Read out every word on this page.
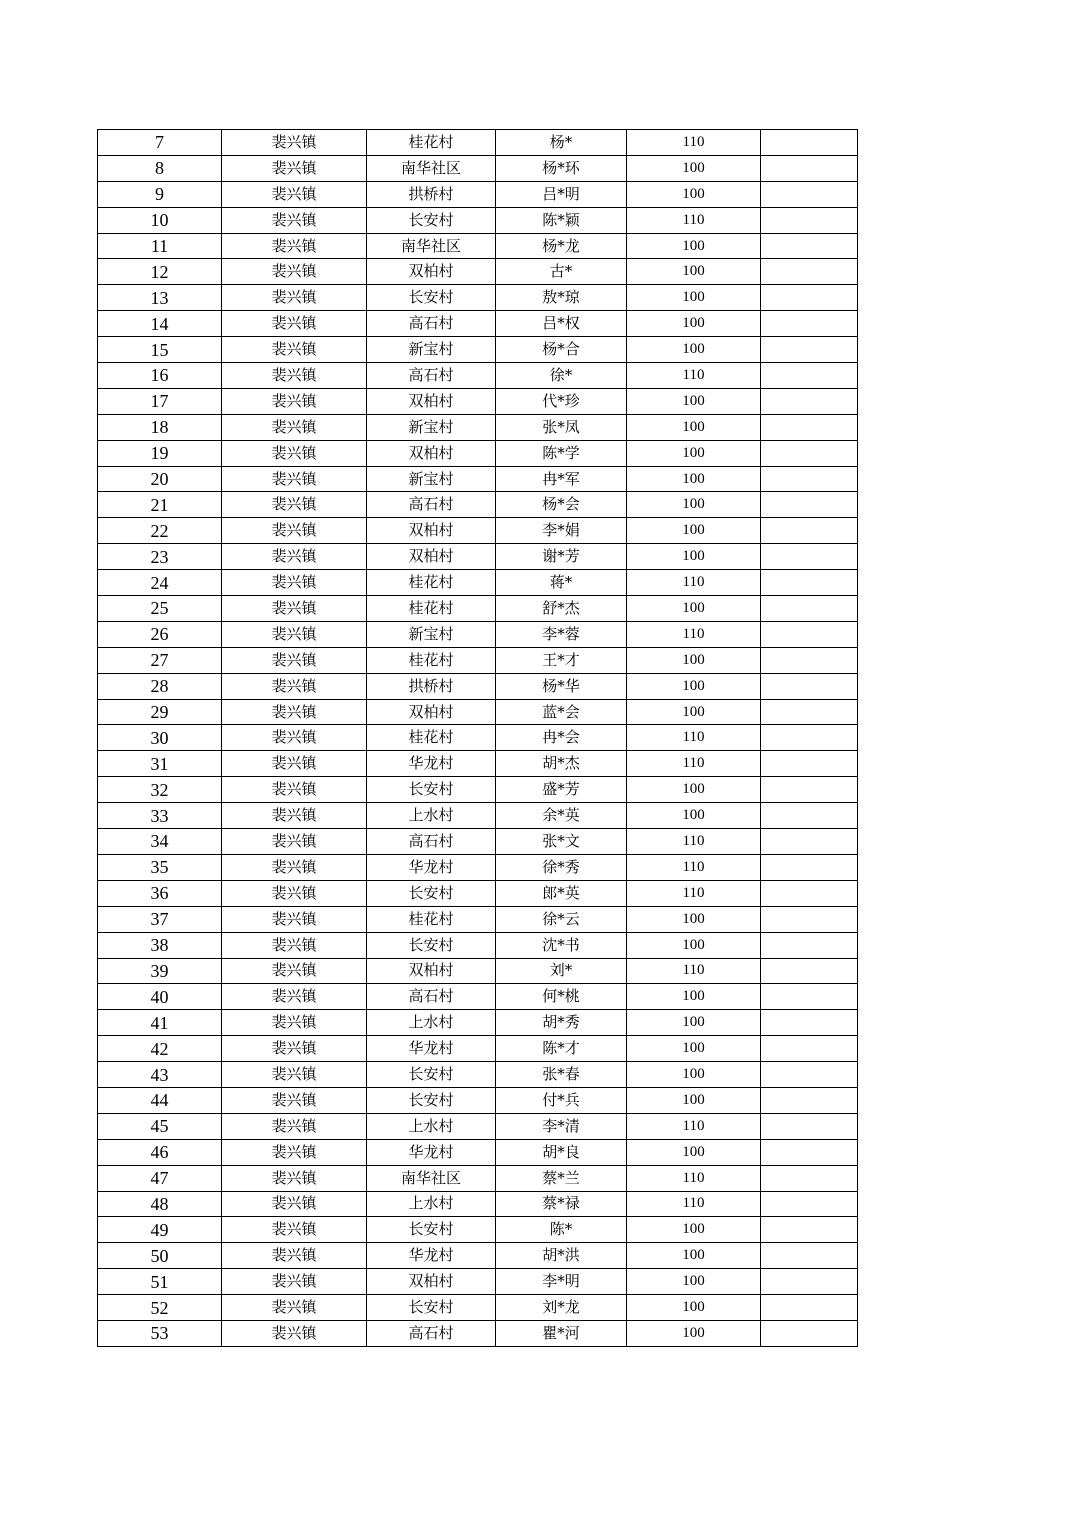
7	裴兴镇	桂花村	杨*	110	
8	裴兴镇	南华社区	杨*环	100	
9	裴兴镇	拱桥村	吕*明	100	
10	裴兴镇	长安村	陈*颖	110	
11	裴兴镇	南华社区	杨*龙	100	
12	裴兴镇	双柏村	古*	100	
13	裴兴镇	长安村	敖*琼	100	
14	裴兴镇	高石村	吕*权	100	
15	裴兴镇	新宝村	杨*合	100	
16	裴兴镇	高石村	徐*	110	
17	裴兴镇	双柏村	代*珍	100	
18	裴兴镇	新宝村	张*凤	100	
19	裴兴镇	双柏村	陈*学	100	
20	裴兴镇	新宝村	冉*军	100	
21	裴兴镇	高石村	杨*会	100	
22	裴兴镇	双柏村	李*娟	100	
23	裴兴镇	双柏村	谢*芳	100	
24	裴兴镇	桂花村	蒋*	110	
25	裴兴镇	桂花村	舒*杰	100	
26	裴兴镇	新宝村	李*蓉	110	
27	裴兴镇	桂花村	王*才	100	
28	裴兴镇	拱桥村	杨*华	100	
29	裴兴镇	双柏村	蓝*会	100	
30	裴兴镇	桂花村	冉*会	110	
31	裴兴镇	华龙村	胡*杰	110	
32	裴兴镇	长安村	盛*芳	100	
33	裴兴镇	上水村	余*英	100	
34	裴兴镇	高石村	张*文	110	
35	裴兴镇	华龙村	徐*秀	110	
36	裴兴镇	长安村	郎*英	110	
37	裴兴镇	桂花村	徐*云	100	
38	裴兴镇	长安村	沈*书	100	
39	裴兴镇	双柏村	刘*	110	
40	裴兴镇	高石村	何*桃	100	
41	裴兴镇	上水村	胡*秀	100	
42	裴兴镇	华龙村	陈*才	100	
43	裴兴镇	长安村	张*春	100	
44	裴兴镇	长安村	付*兵	100	
45	裴兴镇	上水村	李*清	110	
46	裴兴镇	华龙村	胡*良	100	
47	裴兴镇	南华社区	蔡*兰	110	
48	裴兴镇	上水村	蔡*禄	110	
49	裴兴镇	长安村	陈*	100	
50	裴兴镇	华龙村	胡*洪	100	
51	裴兴镇	双柏村	李*明	100	
52	裴兴镇	长安村	刘*龙	100	
53	裴兴镇	高石村	瞿*河	100	
